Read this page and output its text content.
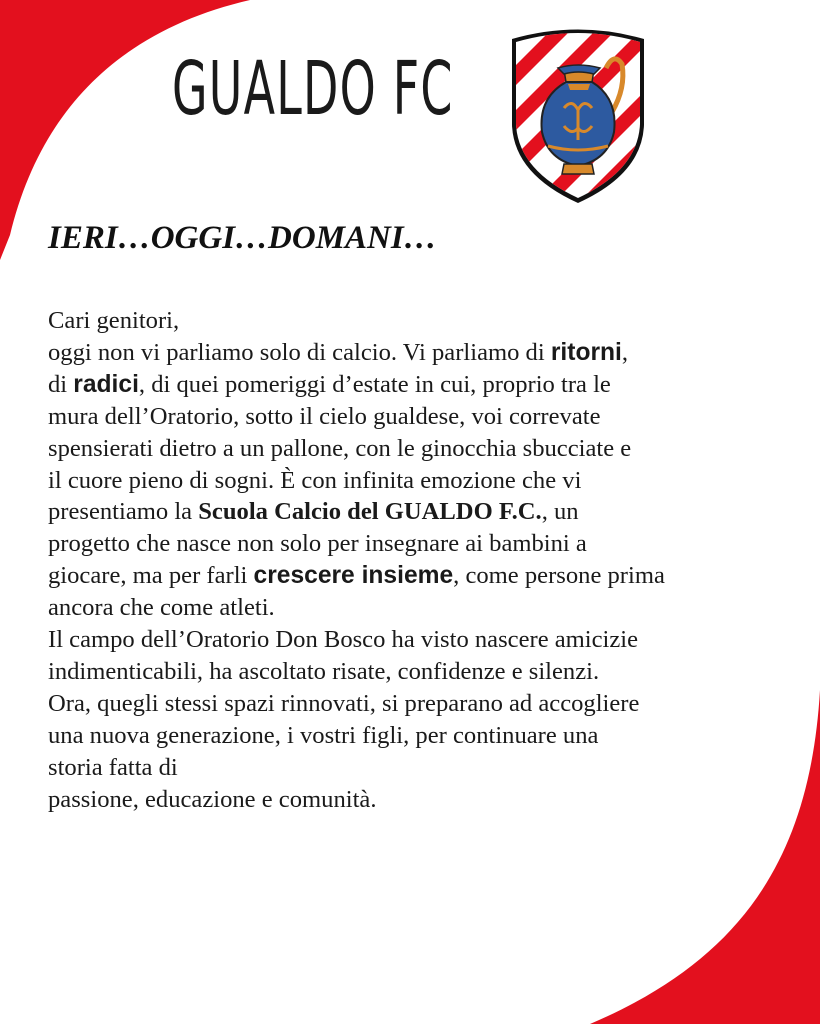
GUALDO FC
IERI…OGGI…DOMANI…
Cari genitori,
oggi non vi parliamo solo di calcio. Vi parliamo di ritorni,
di radici, di quei pomeriggi d’estate in cui, proprio tra le
mura dell’Oratorio, sotto il cielo gualdese, voi correvate
spensierati dietro a un pallone, con le ginocchia sbucciate e
il cuore pieno di sogni. È con infinita emozione che vi
presentiamo la Scuola Calcio del GUALDO F.C., un
progetto che nasce non solo per insegnare ai bambini a
giocare, ma per farli crescere insieme, come persone prima
ancora che come atleti.
Il campo dell’Oratorio Don Bosco ha visto nascere amicizie
indimenticabili, ha ascoltato risate, confidenze e silenzi.
Ora, quegli stessi spazi rinnovati, si preparano ad accogliere
una nuova generazione, i vostri figli, per continuare una
storia fatta di
passione, educazione e comunità.
